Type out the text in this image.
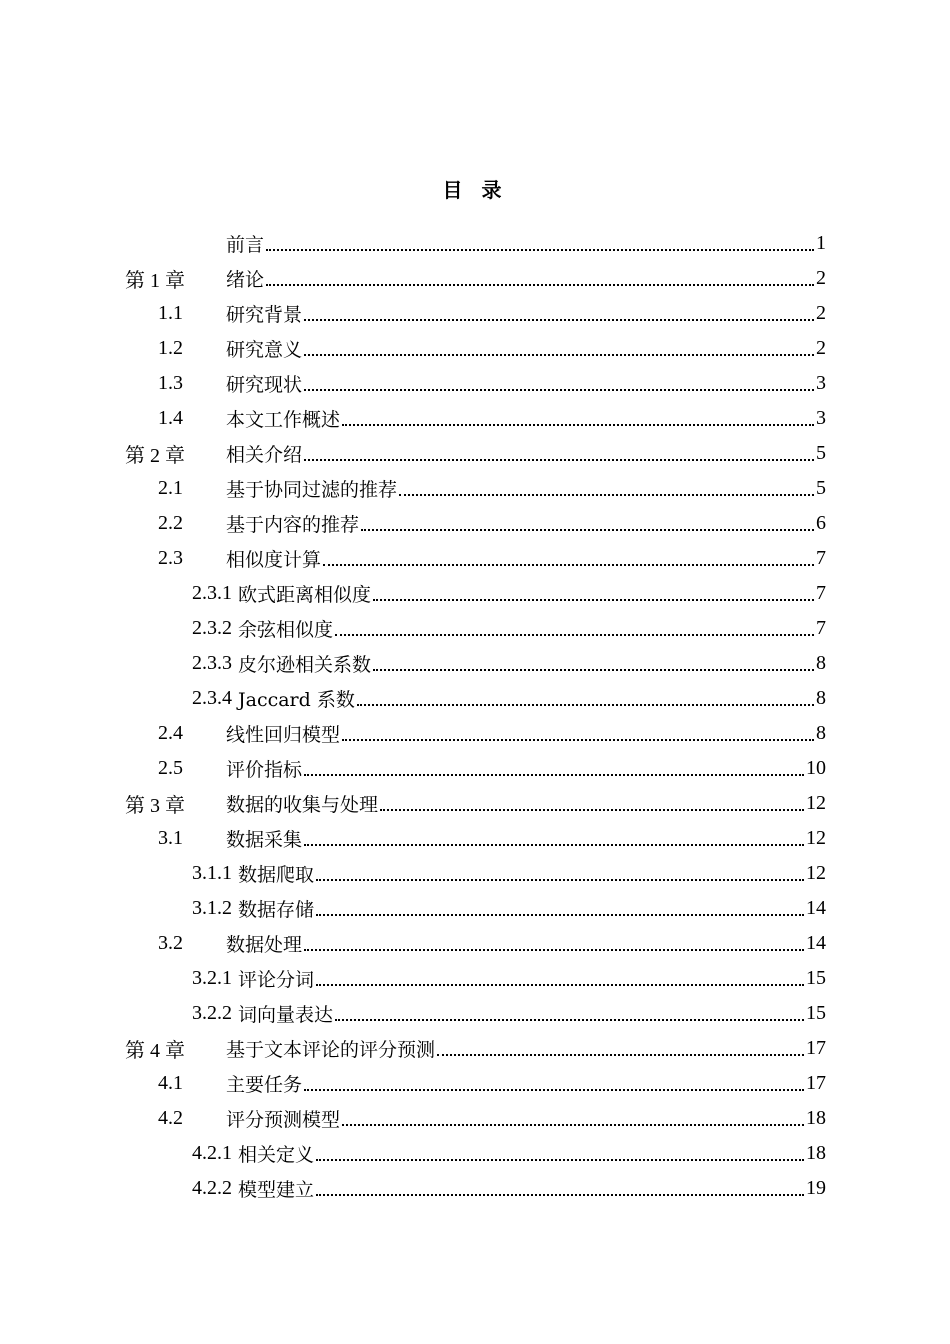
目 录
前言	1
第 1 章	绪论	2
1.1	研究背景	2
1.2	研究意义	2
1.3	研究现状	3
1.4	本文工作概述	3
第 2 章	相关介绍	5
2.1	基于协同过滤的推荐	5
2.2	基于内容的推荐	6
2.3	相似度计算	7
2.3.1 欧式距离相似度	7
2.3.2 余弦相似度	7
2.3.3 皮尔逊相关系数	8
2.3.4 Jaccard 系数	8
2.4	线性回归模型	8
2.5	评价指标	10
第 3 章	数据的收集与处理	12
3.1	数据采集	12
3.1.1 数据爬取	12
3.1.2 数据存储	14
3.2	数据处理	14
3.2.1 评论分词	15
3.2.2 词向量表达	15
第 4 章	基于文本评论的评分预测	17
4.1	主要任务	17
4.2	评分预测模型	18
4.2.1 相关定义	18
4.2.2 模型建立	19
